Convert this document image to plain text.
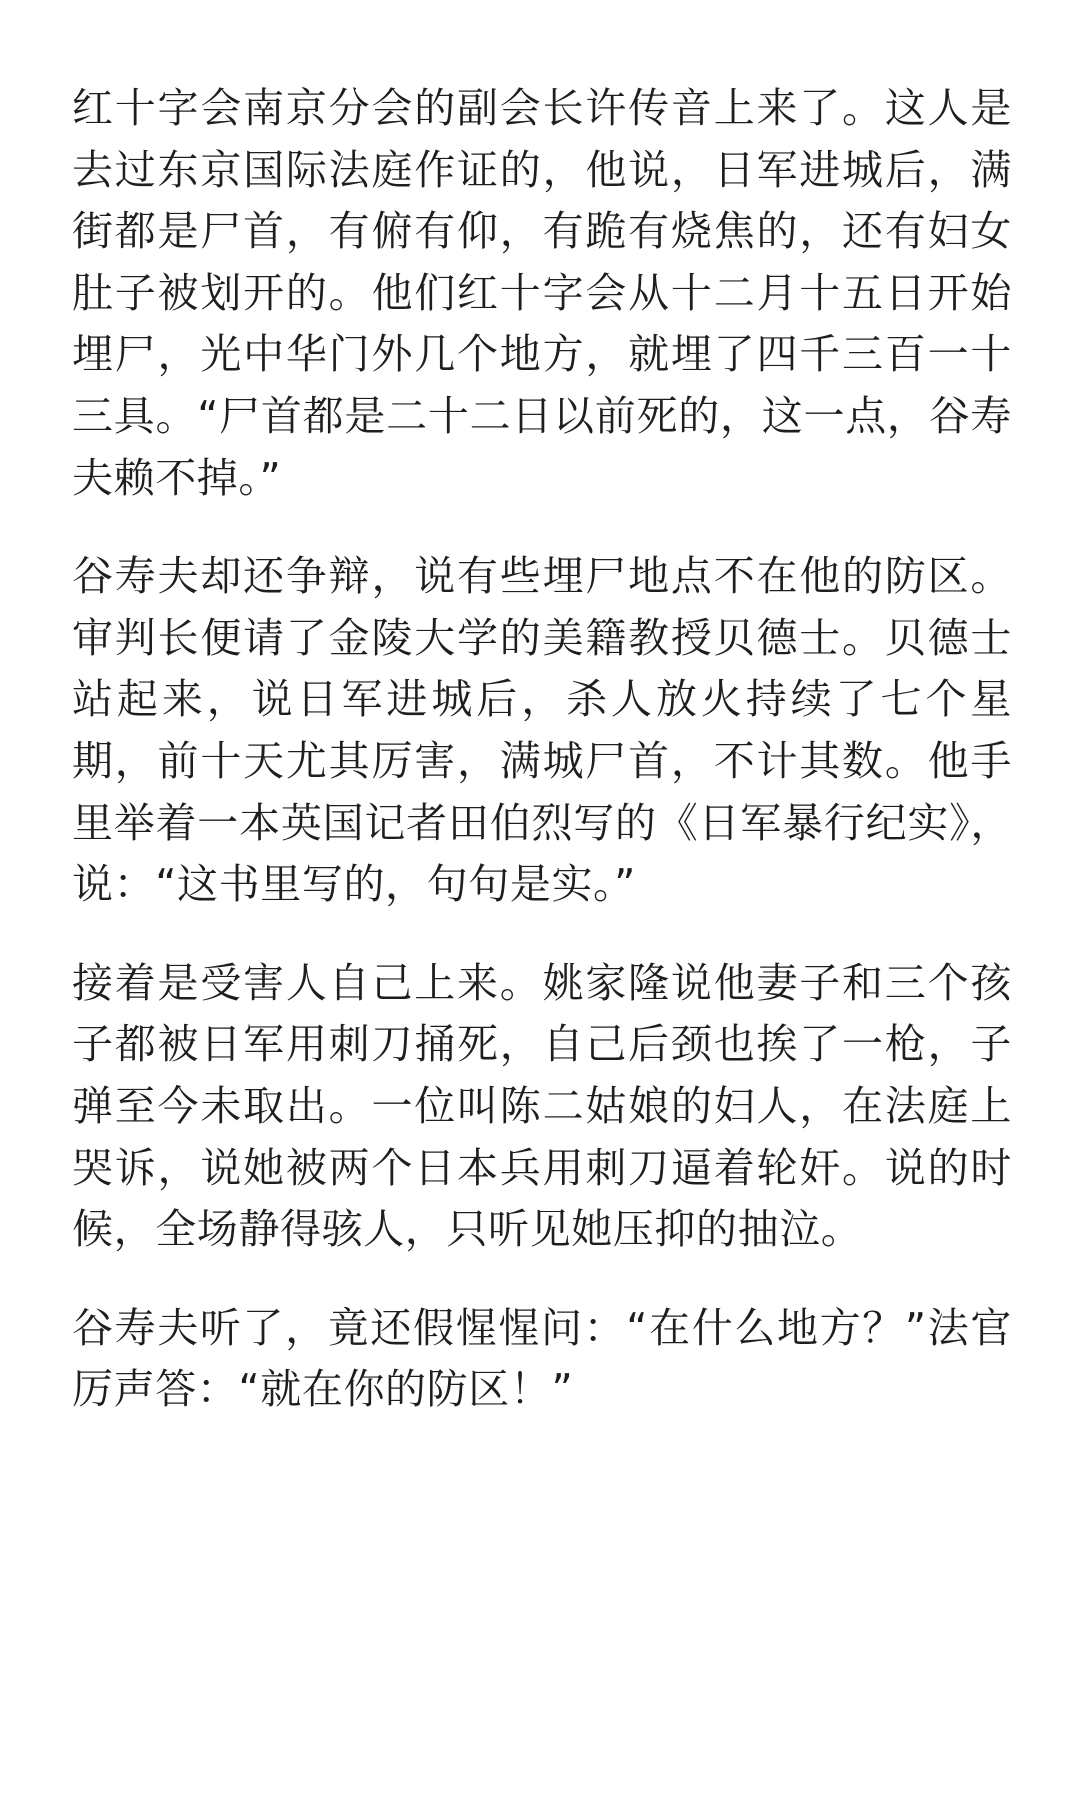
红十字会南京分会的副会长许传音上来了。这人是去过东京国际法庭作证的，他说，日军进城后，满街都是尸首，有俯有仰，有跪有烧焦的，还有妇女肚子被划开的。他们红十字会从十二月十五日开始埋尸，光中华门外几个地方，就埋了四千三百一十三具。“尸首都是二十二日以前死的，这一点，谷寿夫赖不掉。”

谷寿夫却还争辩，说有些埋尸地点不在他的防区。审判长便请了金陵大学的美籍教授贝德士。贝德士站起来，说日军进城后，杀人放火持续了七个星期，前十天尤其厉害，满城尸首，不计其数。他手里举着一本英国记者田伯烈写的《日军暴行纪实》，说：“这书里写的，句句是实。”

接着是受害人自己上来。姚家隆说他妻子和三个孩子都被日军用刺刀捅死，自己后颈也挨了一枪，子弹至今未取出。一位叫陈二姑娘的妇人，在法庭上哭诉，说她被两个日本兵用刺刀逼着轮奸。说的时候，全场静得骇人，只听见她压抑的抽泣。

谷寿夫听了，竟还假惺惺问：“在什么地方？”法官厉声答：“就在你的防区！”
